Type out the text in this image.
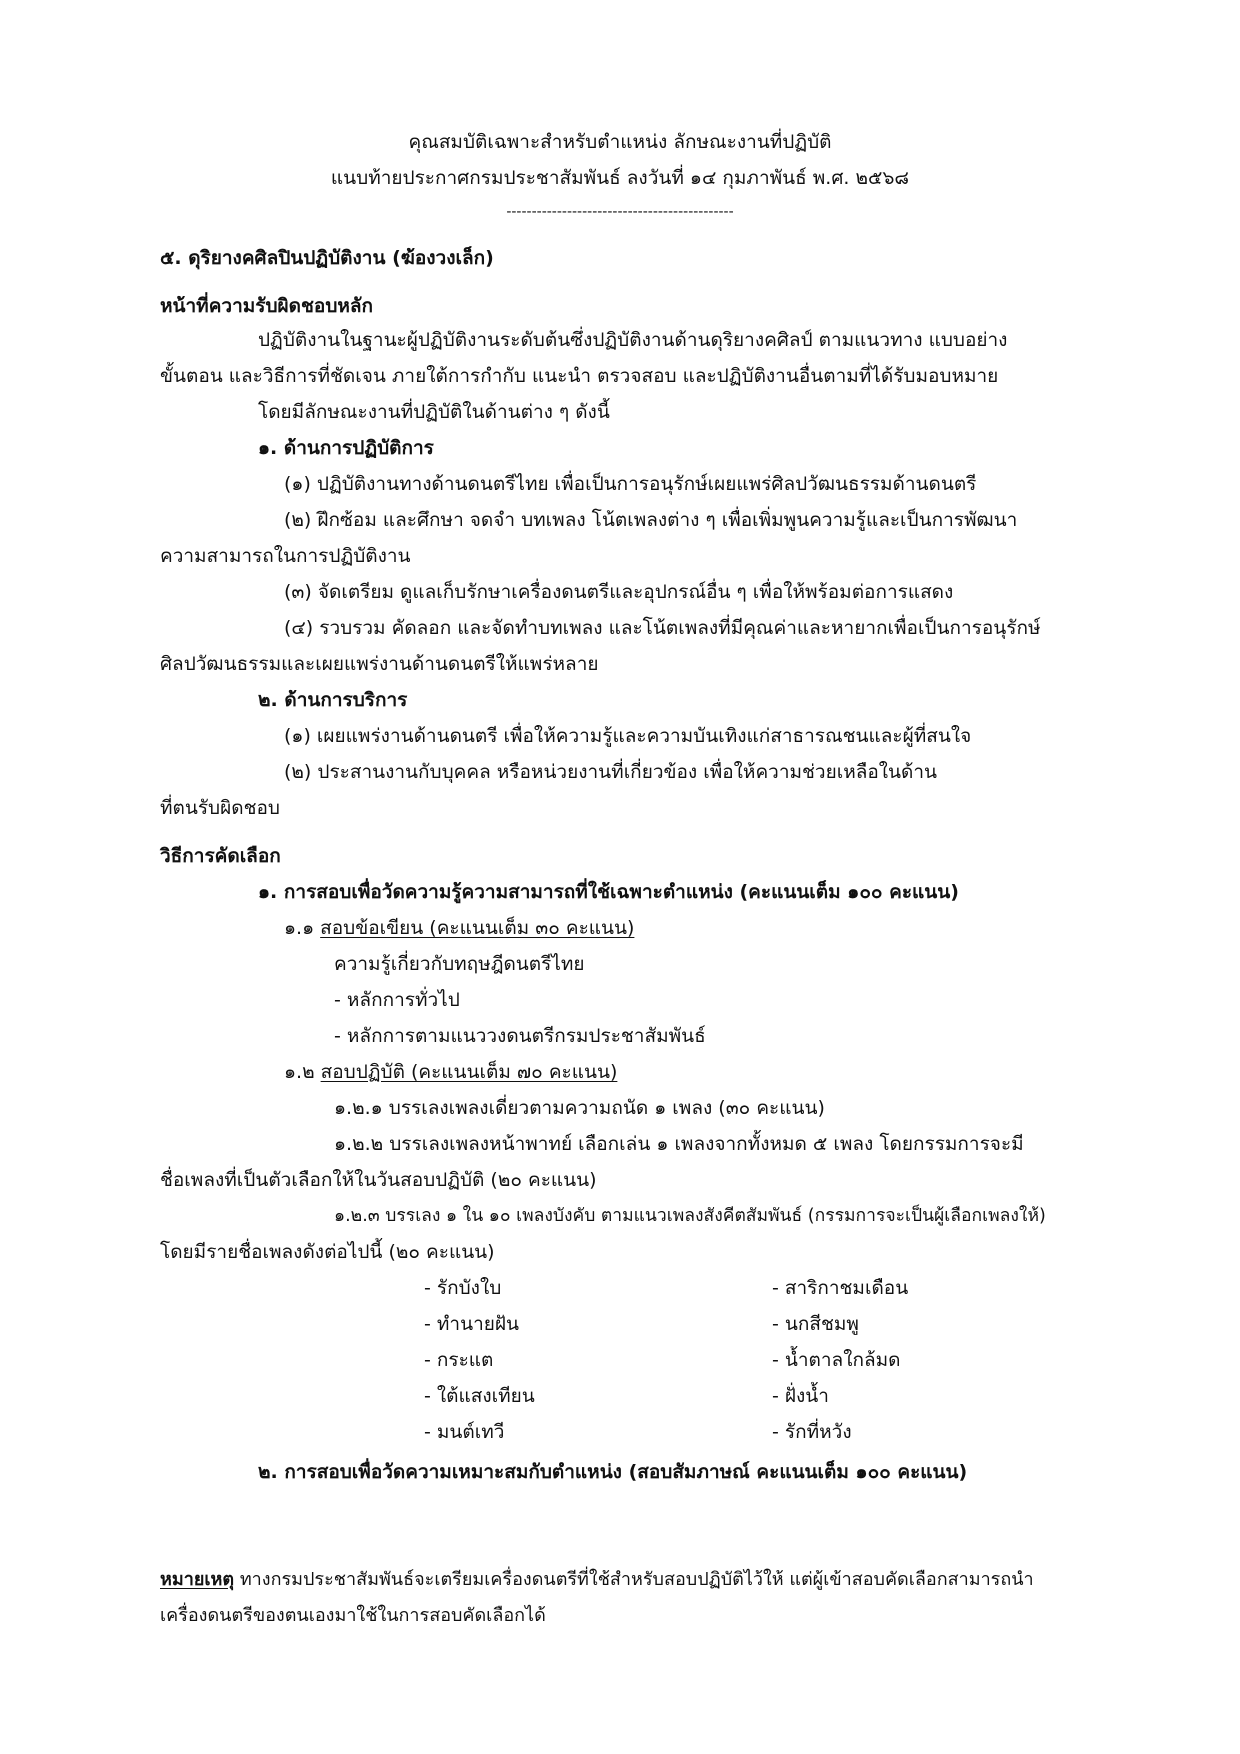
คุณสมบัติเฉพาะสำหรับตำแหน่ง ลักษณะงานที่ปฏิบัติ
แนบท้ายประกาศกรมประชาสัมพันธ์ ลงวันที่ ๑๔ กุมภาพันธ์ พ.ศ. ๒๕๖๘
---------------------------------------------
๕. ดุริยางคศิลปินปฏิบัติงาน (ฆ้องวงเล็ก)
หน้าที่ความรับผิดชอบหลัก
ปฏิบัติงานในฐานะผู้ปฏิบัติงานระดับต้นซึ่งปฏิบัติงานด้านดุริยางคศิลป์ ตามแนวทาง แบบอย่าง
ขั้นตอน และวิธีการที่ชัดเจน ภายใต้การกำกับ แนะนำ ตรวจสอบ และปฏิบัติงานอื่นตามที่ได้รับมอบหมาย
โดยมีลักษณะงานที่ปฏิบัติในด้านต่าง ๆ ดังนี้
๑. ด้านการปฏิบัติการ
(๑) ปฏิบัติงานทางด้านดนตรีไทย เพื่อเป็นการอนุรักษ์เผยแพร่ศิลปวัฒนธรรมด้านดนตรี
(๒) ฝึกซ้อม และศึกษา จดจำ บทเพลง โน้ตเพลงต่าง ๆ เพื่อเพิ่มพูนความรู้และเป็นการพัฒนา
ความสามารถในการปฏิบัติงาน
(๓) จัดเตรียม ดูแลเก็บรักษาเครื่องดนตรีและอุปกรณ์อื่น ๆ เพื่อให้พร้อมต่อการแสดง
(๔) รวบรวม คัดลอก และจัดทำบทเพลง และโน้ตเพลงที่มีคุณค่าและหายากเพื่อเป็นการอนุรักษ์
ศิลปวัฒนธรรมและเผยแพร่งานด้านดนตรีให้แพร่หลาย
๒. ด้านการบริการ
(๑) เผยแพร่งานด้านดนตรี เพื่อให้ความรู้และความบันเทิงแก่สาธารณชนและผู้ที่สนใจ
(๒) ประสานงานกับบุคคล หรือหน่วยงานที่เกี่ยวข้อง เพื่อให้ความช่วยเหลือในด้าน
ที่ตนรับผิดชอบ
วิธีการคัดเลือก
๑. การสอบเพื่อวัดความรู้ความสามารถที่ใช้เฉพาะตำแหน่ง (คะแนนเต็ม ๑๐๐ คะแนน)
๑.๑ สอบข้อเขียน (คะแนนเต็ม ๓๐ คะแนน)
ความรู้เกี่ยวกับทฤษฎีดนตรีไทย
- หลักการทั่วไป
- หลักการตามแนววงดนตรีกรมประชาสัมพันธ์
๑.๒ สอบปฏิบัติ (คะแนนเต็ม ๗๐ คะแนน)
๑.๒.๑ บรรเลงเพลงเดี่ยวตามความถนัด ๑ เพลง (๓๐ คะแนน)
๑.๒.๒ บรรเลงเพลงหน้าพาทย์ เลือกเล่น ๑ เพลงจากทั้งหมด ๕ เพลง โดยกรรมการจะมี
ชื่อเพลงที่เป็นตัวเลือกให้ในวันสอบปฏิบัติ (๒๐ คะแนน)
๑.๒.๓ บรรเลง ๑ ใน ๑๐ เพลงบังคับ ตามแนวเพลงสังคีตสัมพันธ์ (กรรมการจะเป็นผู้เลือกเพลงให้)
โดยมีรายชื่อเพลงดังต่อไปนี้ (๒๐ คะแนน)
- รักบังใบ
- ทำนายฝัน
- กระแต
- ใต้แสงเทียน
- มนต์เทวี
- สาริกาชมเดือน
- นกสีชมพู
- น้ำตาลใกล้มด
- ฝั่งน้ำ
- รักที่หวัง
๒. การสอบเพื่อวัดความเหมาะสมกับตำแหน่ง (สอบสัมภาษณ์ คะแนนเต็ม ๑๐๐ คะแนน)
หมายเหตุ ทางกรมประชาสัมพันธ์จะเตรียมเครื่องดนตรีที่ใช้สำหรับสอบปฏิบัติไว้ให้ แต่ผู้เข้าสอบคัดเลือกสามารถนำ
เครื่องดนตรีของตนเองมาใช้ในการสอบคัดเลือกได้
